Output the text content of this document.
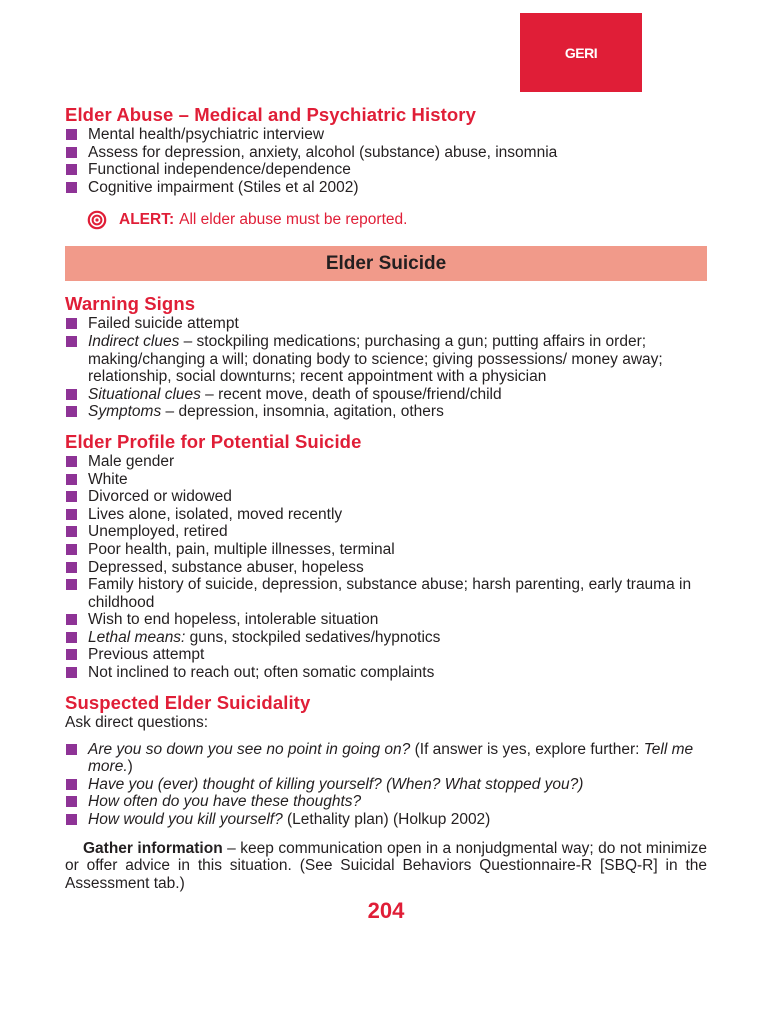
GERI
Elder Abuse – Medical and Psychiatric History
Mental health/psychiatric interview
Assess for depression, anxiety, alcohol (substance) abuse, insomnia
Functional independence/dependence
Cognitive impairment (Stiles et al 2002)
ALERT: All elder abuse must be reported.
Elder Suicide
Warning Signs
Failed suicide attempt
Indirect clues – stockpiling medications; purchasing a gun; putting affairs in order; making/changing a will; donating body to science; giving possessions/ money away; relationship, social downturns; recent appointment with a physician
Situational clues – recent move, death of spouse/friend/child
Symptoms – depression, insomnia, agitation, others
Elder Profile for Potential Suicide
Male gender
White
Divorced or widowed
Lives alone, isolated, moved recently
Unemployed, retired
Poor health, pain, multiple illnesses, terminal
Depressed, substance abuser, hopeless
Family history of suicide, depression, substance abuse; harsh parenting, early trauma in childhood
Wish to end hopeless, intolerable situation
Lethal means: guns, stockpiled sedatives/hypnotics
Previous attempt
Not inclined to reach out; often somatic complaints
Suspected Elder Suicidality
Ask direct questions:
Are you so down you see no point in going on? (If answer is yes, explore further: Tell me more.)
Have you (ever) thought of killing yourself? (When? What stopped you?)
How often do you have these thoughts?
How would you kill yourself? (Lethality plan) (Holkup 2002)
Gather information – keep communication open in a nonjudgmental way; do not minimize or offer advice in this situation. (See Suicidal Behaviors Questionnaire-R [SBQ-R] in the Assessment tab.)
204
